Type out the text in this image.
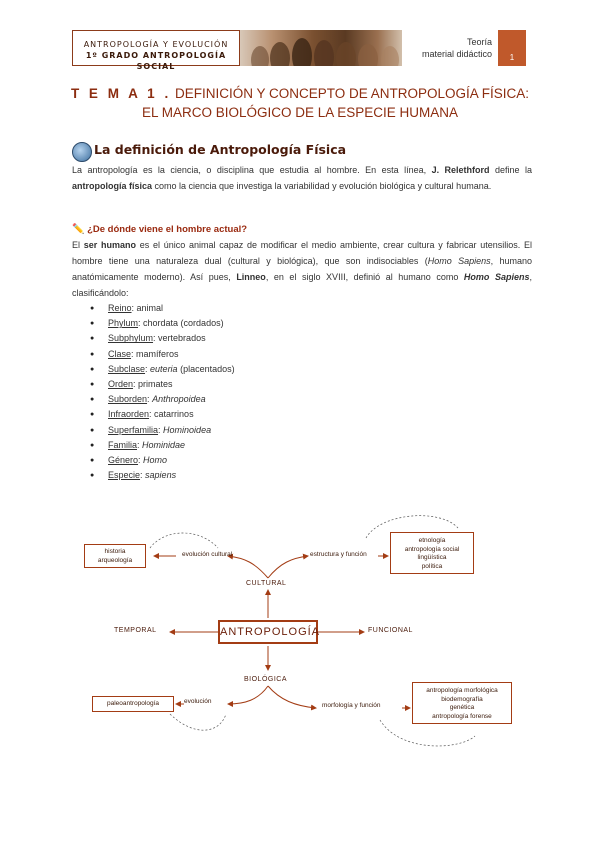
ANTROPOLOGÍA Y EVOLUCIÓN
1º GRADO ANTROPOLOGÍA SOCIAL
Teoría
material didáctico	1
T E M A 1 . DEFINICIÓN Y CONCEPTO DE ANTROPOLOGÍA FÍSICA:
EL MARCO BIOLÓGICO DE LA ESPECIE HUMANA
La definición de Antropología Física
La antropología es la ciencia, o disciplina que estudia al hombre. En esta línea, J. Relethford define la antropología física como la ciencia que investiga la variabilidad y evolución biológica y cultural humana.
✏️ ¿De dónde viene el hombre actual?
El ser humano es el único animal capaz de modificar el medio ambiente, crear cultura y fabricar utensilios. El hombre tiene una naturaleza dual (cultural y biológica), que son indisociables (Homo Sapiens, humano anatómicamente moderno). Así pues, Linneo, en el siglo XVIII, definió al humano como Homo Sapiens, clasificándolo:
● Reino: animal
● Phylum: chordata (cordados)
● Subphylum: vertebrados
● Clase: mamíferos
● Subclase: euteria (placentados)
● Orden: primates
● Suborden: Anthropoidea
● Infraorden: catarrinos
● Superfamilia: Hominoidea
● Familia: Hominidae
● Género: Homo
● Especie: sapiens
historia
arqueología
evolución cultural	estructura y función
etnología
antropología social
lingüística
política
CULTURAL
ANTROPOLOGÍA
TEMPORAL	FUNCIONAL
BIOLÓGICA
paleoantropología	evolución
morfología y función
antropología morfológica
biodemografía
genética
antropología forense
